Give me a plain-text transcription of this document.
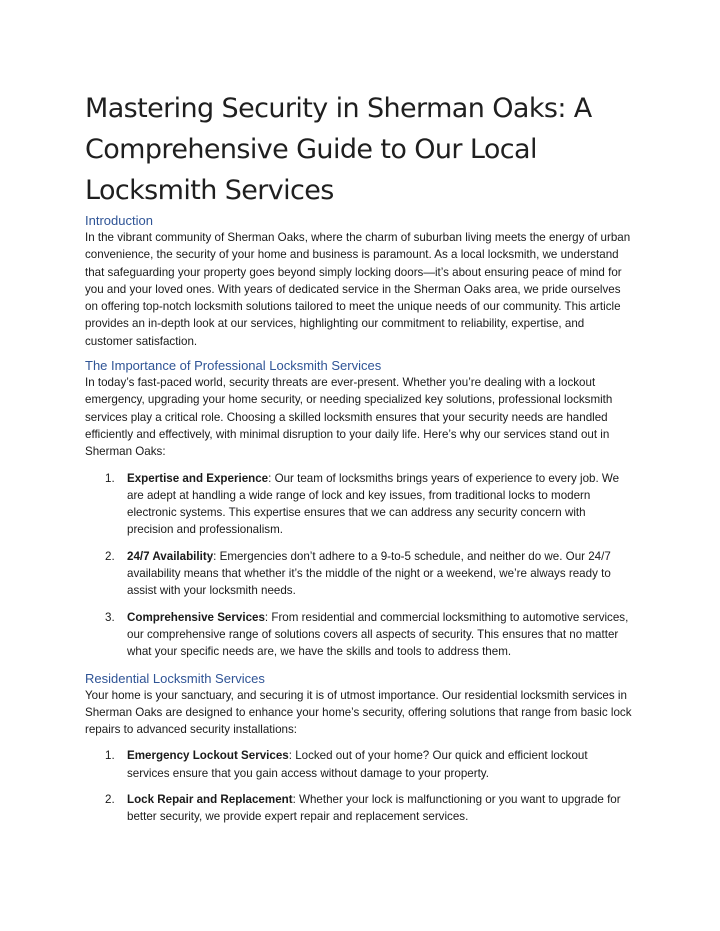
Mastering Security in Sherman Oaks: A Comprehensive Guide to Our Local Locksmith Services
Introduction

In the vibrant community of Sherman Oaks, where the charm of suburban living meets the energy of urban convenience, the security of your home and business is paramount. As a local locksmith, we understand that safeguarding your property goes beyond simply locking doors—it’s about ensuring peace of mind for you and your loved ones. With years of dedicated service in the Sherman Oaks area, we pride ourselves on offering top-notch locksmith solutions tailored to meet the unique needs of our community. This article provides an in-depth look at our services, highlighting our commitment to reliability, expertise, and customer satisfaction.

The Importance of Professional Locksmith Services

In today’s fast-paced world, security threats are ever-present. Whether you’re dealing with a lockout emergency, upgrading your home security, or needing specialized key solutions, professional locksmith services play a critical role. Choosing a skilled locksmith ensures that your security needs are handled efficiently and effectively, with minimal disruption to your daily life. Here’s why our services stand out in Sherman Oaks:

1. Expertise and Experience: Our team of locksmiths brings years of experience to every job. We are adept at handling a wide range of lock and key issues, from traditional locks to modern electronic systems. This expertise ensures that we can address any security concern with precision and professionalism.
2. 24/7 Availability: Emergencies don’t adhere to a 9-to-5 schedule, and neither do we. Our 24/7 availability means that whether it’s the middle of the night or a weekend, we’re always ready to assist with your locksmith needs.
3. Comprehensive Services: From residential and commercial locksmithing to automotive services, our comprehensive range of solutions covers all aspects of security. This ensures that no matter what your specific needs are, we have the skills and tools to address them.
Residential Locksmith Services

Your home is your sanctuary, and securing it is of utmost importance. Our residential locksmith services in Sherman Oaks are designed to enhance your home’s security, offering solutions that range from basic lock repairs to advanced security installations:

1. Emergency Lockout Services: Locked out of your home? Our quick and efficient lockout services ensure that you gain access without damage to your property.
2. Lock Repair and Replacement: Whether your lock is malfunctioning or you want to upgrade for better security, we provide expert repair and replacement services.
